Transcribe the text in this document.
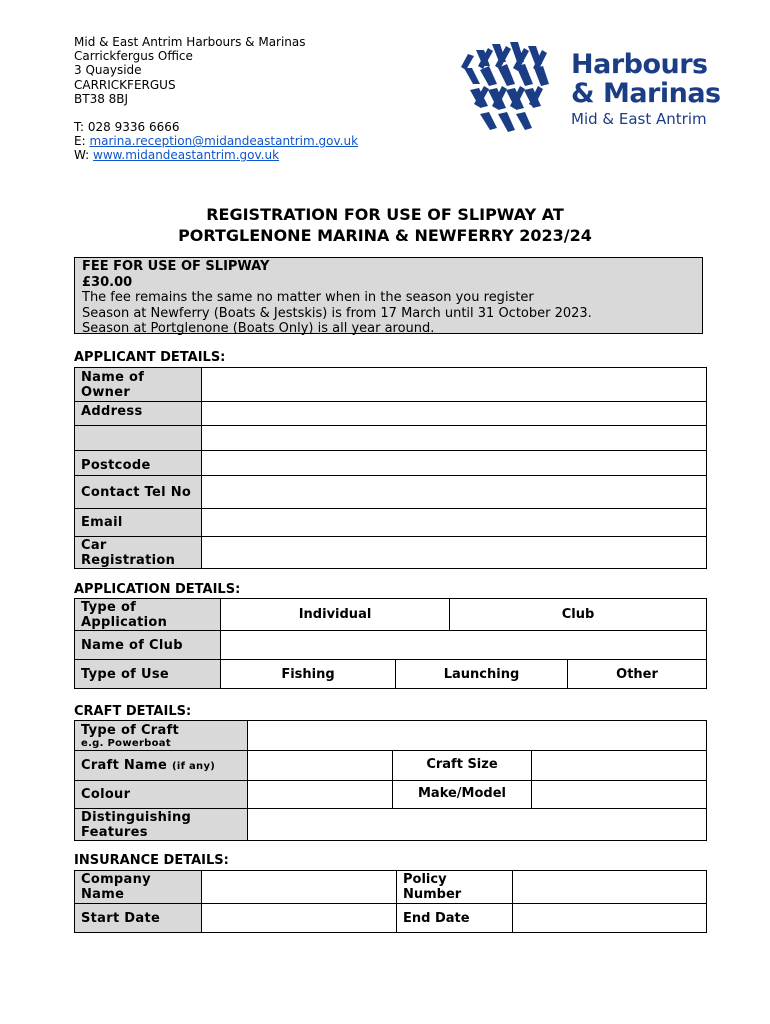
Mid & East Antrim Harbours & Marinas
Carrickfergus Office
3 Quayside
CARRICKFERGUS
BT38 8BJ
T: 028 9336 6666
E: marina.reception@midandeastantrim.gov.uk
W: www.midandeastantrim.gov.uk
Harbours
& Marinas
Mid & East Antrim
REGISTRATION FOR USE OF SLIPWAY AT
PORTGLENONE MARINA & NEWFERRY 2023/24
FEE FOR USE OF SLIPWAY
£30.00
The fee remains the same no matter when in the season you register
Season at Newferry (Boats & Jestskis) is from 17 March until 31 October 2023.
Season at Portglenone (Boats Only) is all year around.
APPLICANT DETAILS:
Name of Owner	
Address	

Postcode	
Contact Tel No	
Email	
Car Registration	
APPLICATION DETAILS:
Type of Application	Individual		Club	
Name of Club				
Type of Use	Fishing	Launching		Other
CRAFT DETAILS:
Type of Craft
e.g. Powerboat			

Craft Name (if any)		Craft Size	
Colour		Make/Model	
Distinguishing Features			
INSURANCE DETAILS:
Company Name		Policy Number	
Start Date		End Date	
